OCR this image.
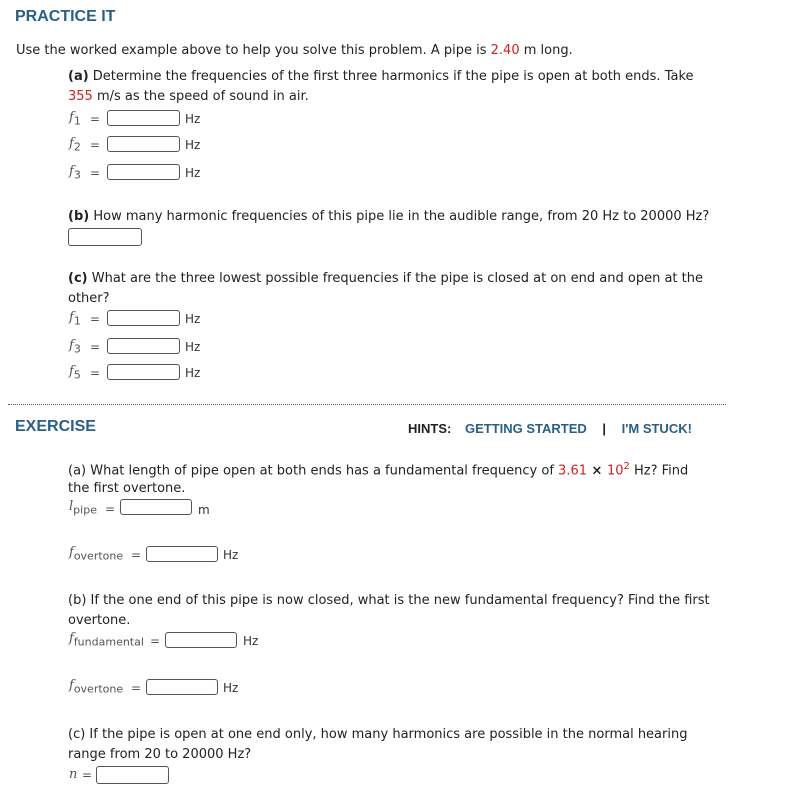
PRACTICE IT
Use the worked example above to help you solve this problem. A pipe is 2.40 m long.
(a) Determine the frequencies of the first three harmonics if the pipe is open at both ends. Take
355 m/s as the speed of sound in air.
$f_1$ =	Hz
$f_2$ =	Hz
$f_3$ =	Hz
(b) How many harmonic frequencies of this pipe lie in the audible range, from 20 Hz to 20000 Hz?
(c) What are the three lowest possible frequencies if the pipe is closed at on end and open at the
other?
$f_1$ =	Hz
$f_3$ =	Hz
$f_5$ =	Hz
EXERCISE	HINTS: GETTING STARTED | I'M STUCK!
(a) What length of pipe open at both ends has a fundamental frequency of $3.61 \times 10^2$ Hz? Find
the first overtone.
$l_{pipe}$ =	m
$f_{overtone}$ =	Hz
(b) If the one end of this pipe is now closed, what is the new fundamental frequency? Find the first
overtone.
$f_{fundamental}$ =	Hz
$f_{overtone}$ =	Hz
(c) If the pipe is open at one end only, how many harmonics are possible in the normal hearing
range from 20 to 20000 Hz?
n =
